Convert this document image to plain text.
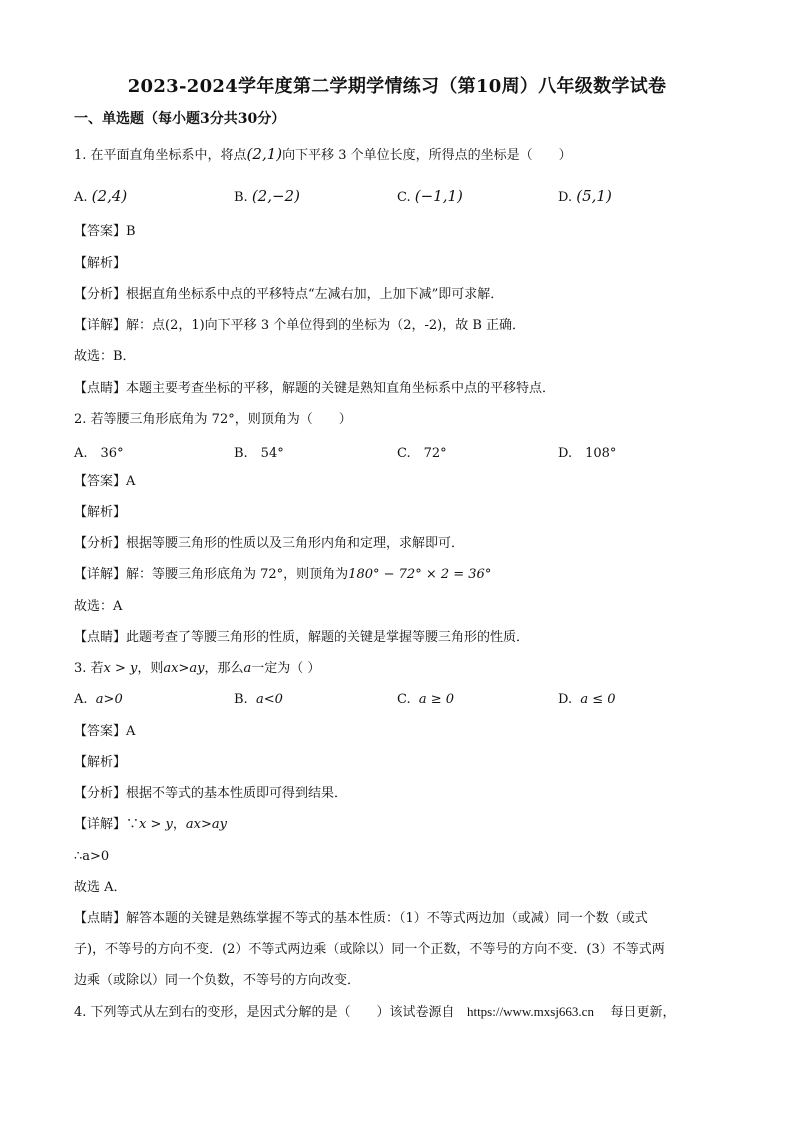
2023-2024学年度第二学期学情练习（第10周）八年级数学试卷
一、单选题（每小题3分共30分）
1. 在平面直角坐标系中，将点(2,1)向下平移 3 个单位长度，所得点的坐标是（　　）
A. (2,4)	B. (2,−2)	C. (−1,1)	D. (5,1)
【答案】B
【解析】
【分析】根据直角坐标系中点的平移特点“左减右加，上加下减”即可求解．
【详解】解：点(2，1)向下平移 3 个单位得到的坐标为（2，-2)，故 B 正确．
故选：B．
【点睛】本题主要考查坐标的平移，解题的关键是熟知直角坐标系中点的平移特点．
2. 若等腰三角形底角为 72°，则顶角为（　　）
A.　36°	B.　54°	C.　72°	D.　108°
【答案】A
【解析】
【分析】根据等腰三角形的性质以及三角形内角和定理，求解即可．
【详解】解：等腰三角形底角为 72°，则顶角为180° − 72° × 2 = 36°
故选：A
【点睛】此题考查了等腰三角形的性质，解题的关键是掌握等腰三角形的性质．
3. 若x > y，则ax>ay，那么a一定为（ ）
A. a>0	B. a<0	C. a ≥ 0	D. a ≤ 0
【答案】A
【解析】
【分析】根据不等式的基本性质即可得到结果．
【详解】∵x > y，ax>ay
∴a>0
故选 A．
【点睛】解答本题的关键是熟练掌握不等式的基本性质：（1）不等式两边加（或减）同一个数（或式
子)，不等号的方向不变．(2）不等式两边乘（或除以）同一个正数，不等号的方向不变．(3）不等式两
边乘（或除以）同一个负数，不等号的方向改变．
4. 下列等式从左到右的变形，是因式分解的是（　　）该试卷源自 https://www.mxsj663.cn 每日更新，
